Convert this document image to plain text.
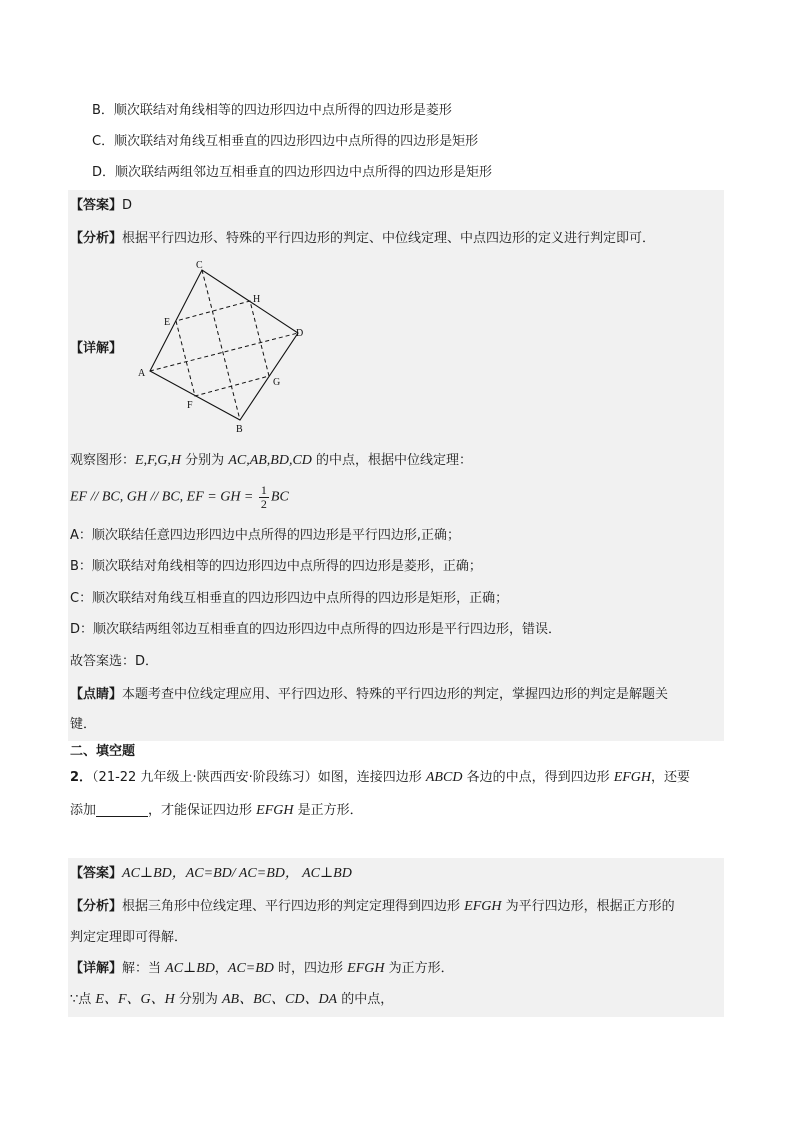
B．顺次联结对角线相等的四边形四边中点所得的四边形是菱形
C．顺次联结对角线互相垂直的四边形四边中点所得的四边形是矩形
D．顺次联结两组邻边互相垂直的四边形四边中点所得的四边形是矩形
【答案】D
【分析】根据平行四边形、特殊的平行四边形的判定、中位线定理、中点四边形的定义进行判定即可．
【详解】
C
H
E
D
A
G
F
B
观察图形：E,F,G,H 分别为 AC,AB,BD,CD 的中点，根据中位线定理：
EF // BC, GH // BC, EF = GH = $\frac{1}{2}$ BC
A：顺次联结任意四边形四边中点所得的四边形是平行四边形,正确；
B：顺次联结对角线相等的四边形四边中点所得的四边形是菱形，正确；
C：顺次联结对角线互相垂直的四边形四边中点所得的四边形是矩形，正确；
D：顺次联结两组邻边互相垂直的四边形四边中点所得的四边形是平行四边形，错误．
故答案选：D．
【点睛】本题考查中位线定理应用、平行四边形、特殊的平行四边形的判定，掌握四边形的判定是解题关
键．
二、填空题
2．（21-22 九年级上·陕西西安·阶段练习）如图，连接四边形 ABCD 各边的中点，得到四边形 EFGH，还要
添加	，才能保证四边形 EFGH 是正方形．
【答案】AC⊥BD，AC=BD/ AC=BD， AC⊥BD
【分析】根据三角形中位线定理、平行四边形的判定定理得到四边形 EFGH 为平行四边形，根据正方形的
判定定理即可得解．
【详解】解：当 AC⊥BD，AC=BD 时，四边形 EFGH 为正方形．
∵点 E、F、G、H 分别为 AB、BC、CD、DA 的中点，
